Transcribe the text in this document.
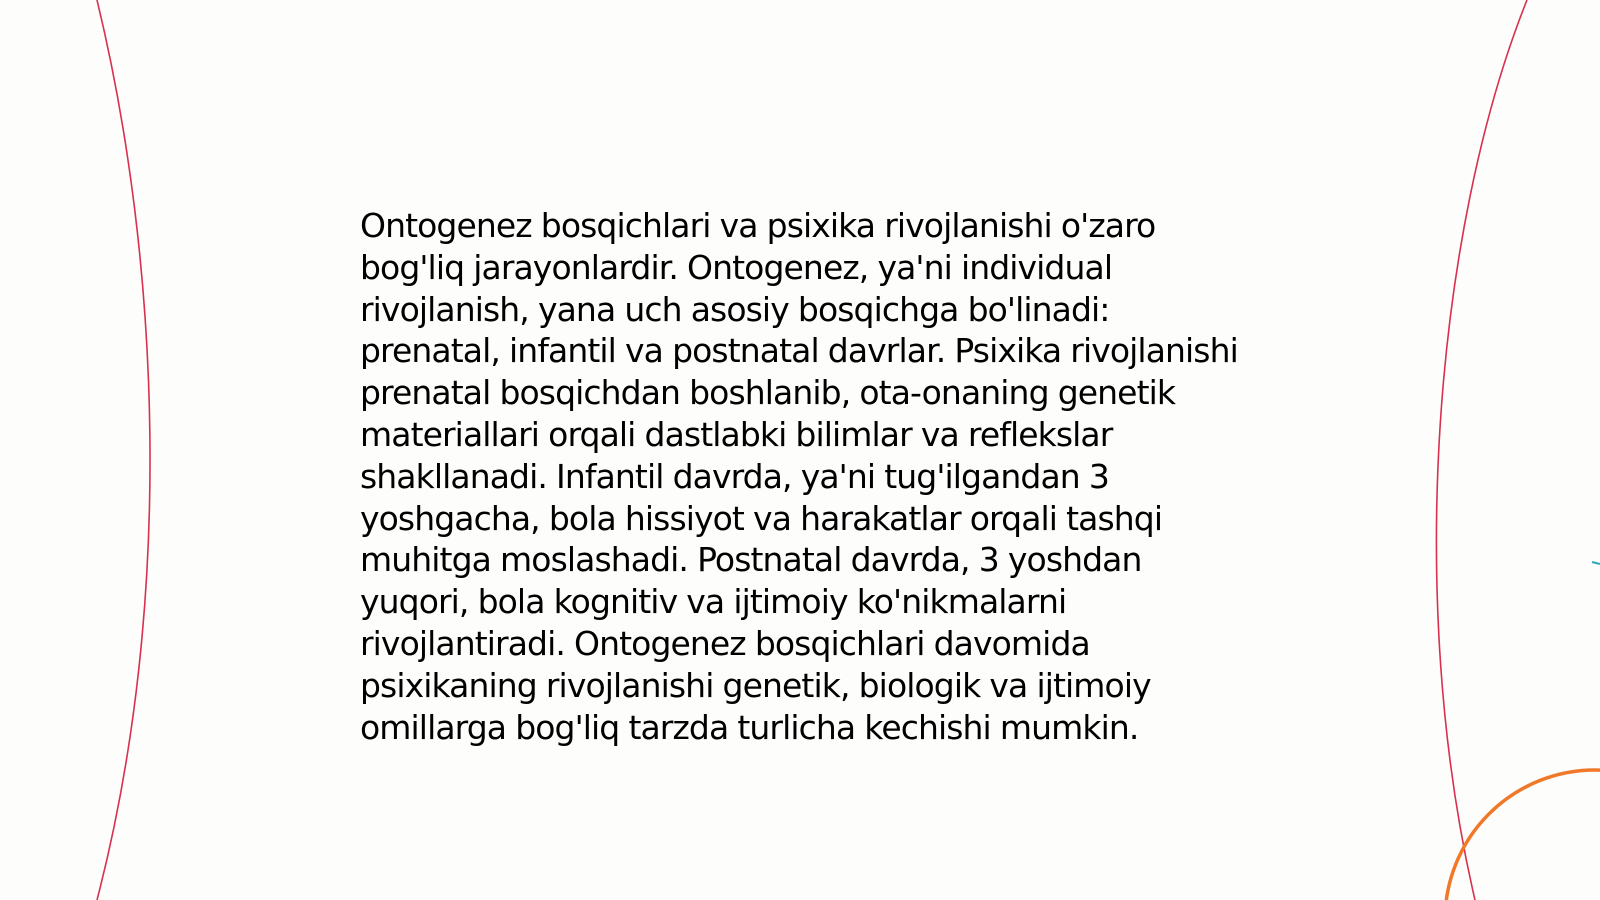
Ontogenez bosqichlari va psixika rivojlanishi o'zaro bog'liq jarayonlardir. Ontogenez, ya'ni individual rivojlanish, yana uch asosiy bosqichga bo'linadi: prenatal, infantil va postnatal davrlar. Psixika rivojlanishi prenatal bosqichdan boshlanib, ota-onaning genetik materiallari orqali dastlabki bilimlar va reflekslar shakllanadi. Infantil davrda, ya'ni tug'ilgandan 3 yoshgacha, bola hissiyot va harakatlar orqali tashqi muhitga moslashadi. Postnatal davrda, 3 yoshdan yuqori, bola kognitiv va ijtimoiy ko'nikmalarni rivojlantiradi. Ontogenez bosqichlari davomida psixikaning rivojlanishi genetik, biologik va ijtimoiy omillarga bog'liq tarzda turlicha kechishi mumkin.
